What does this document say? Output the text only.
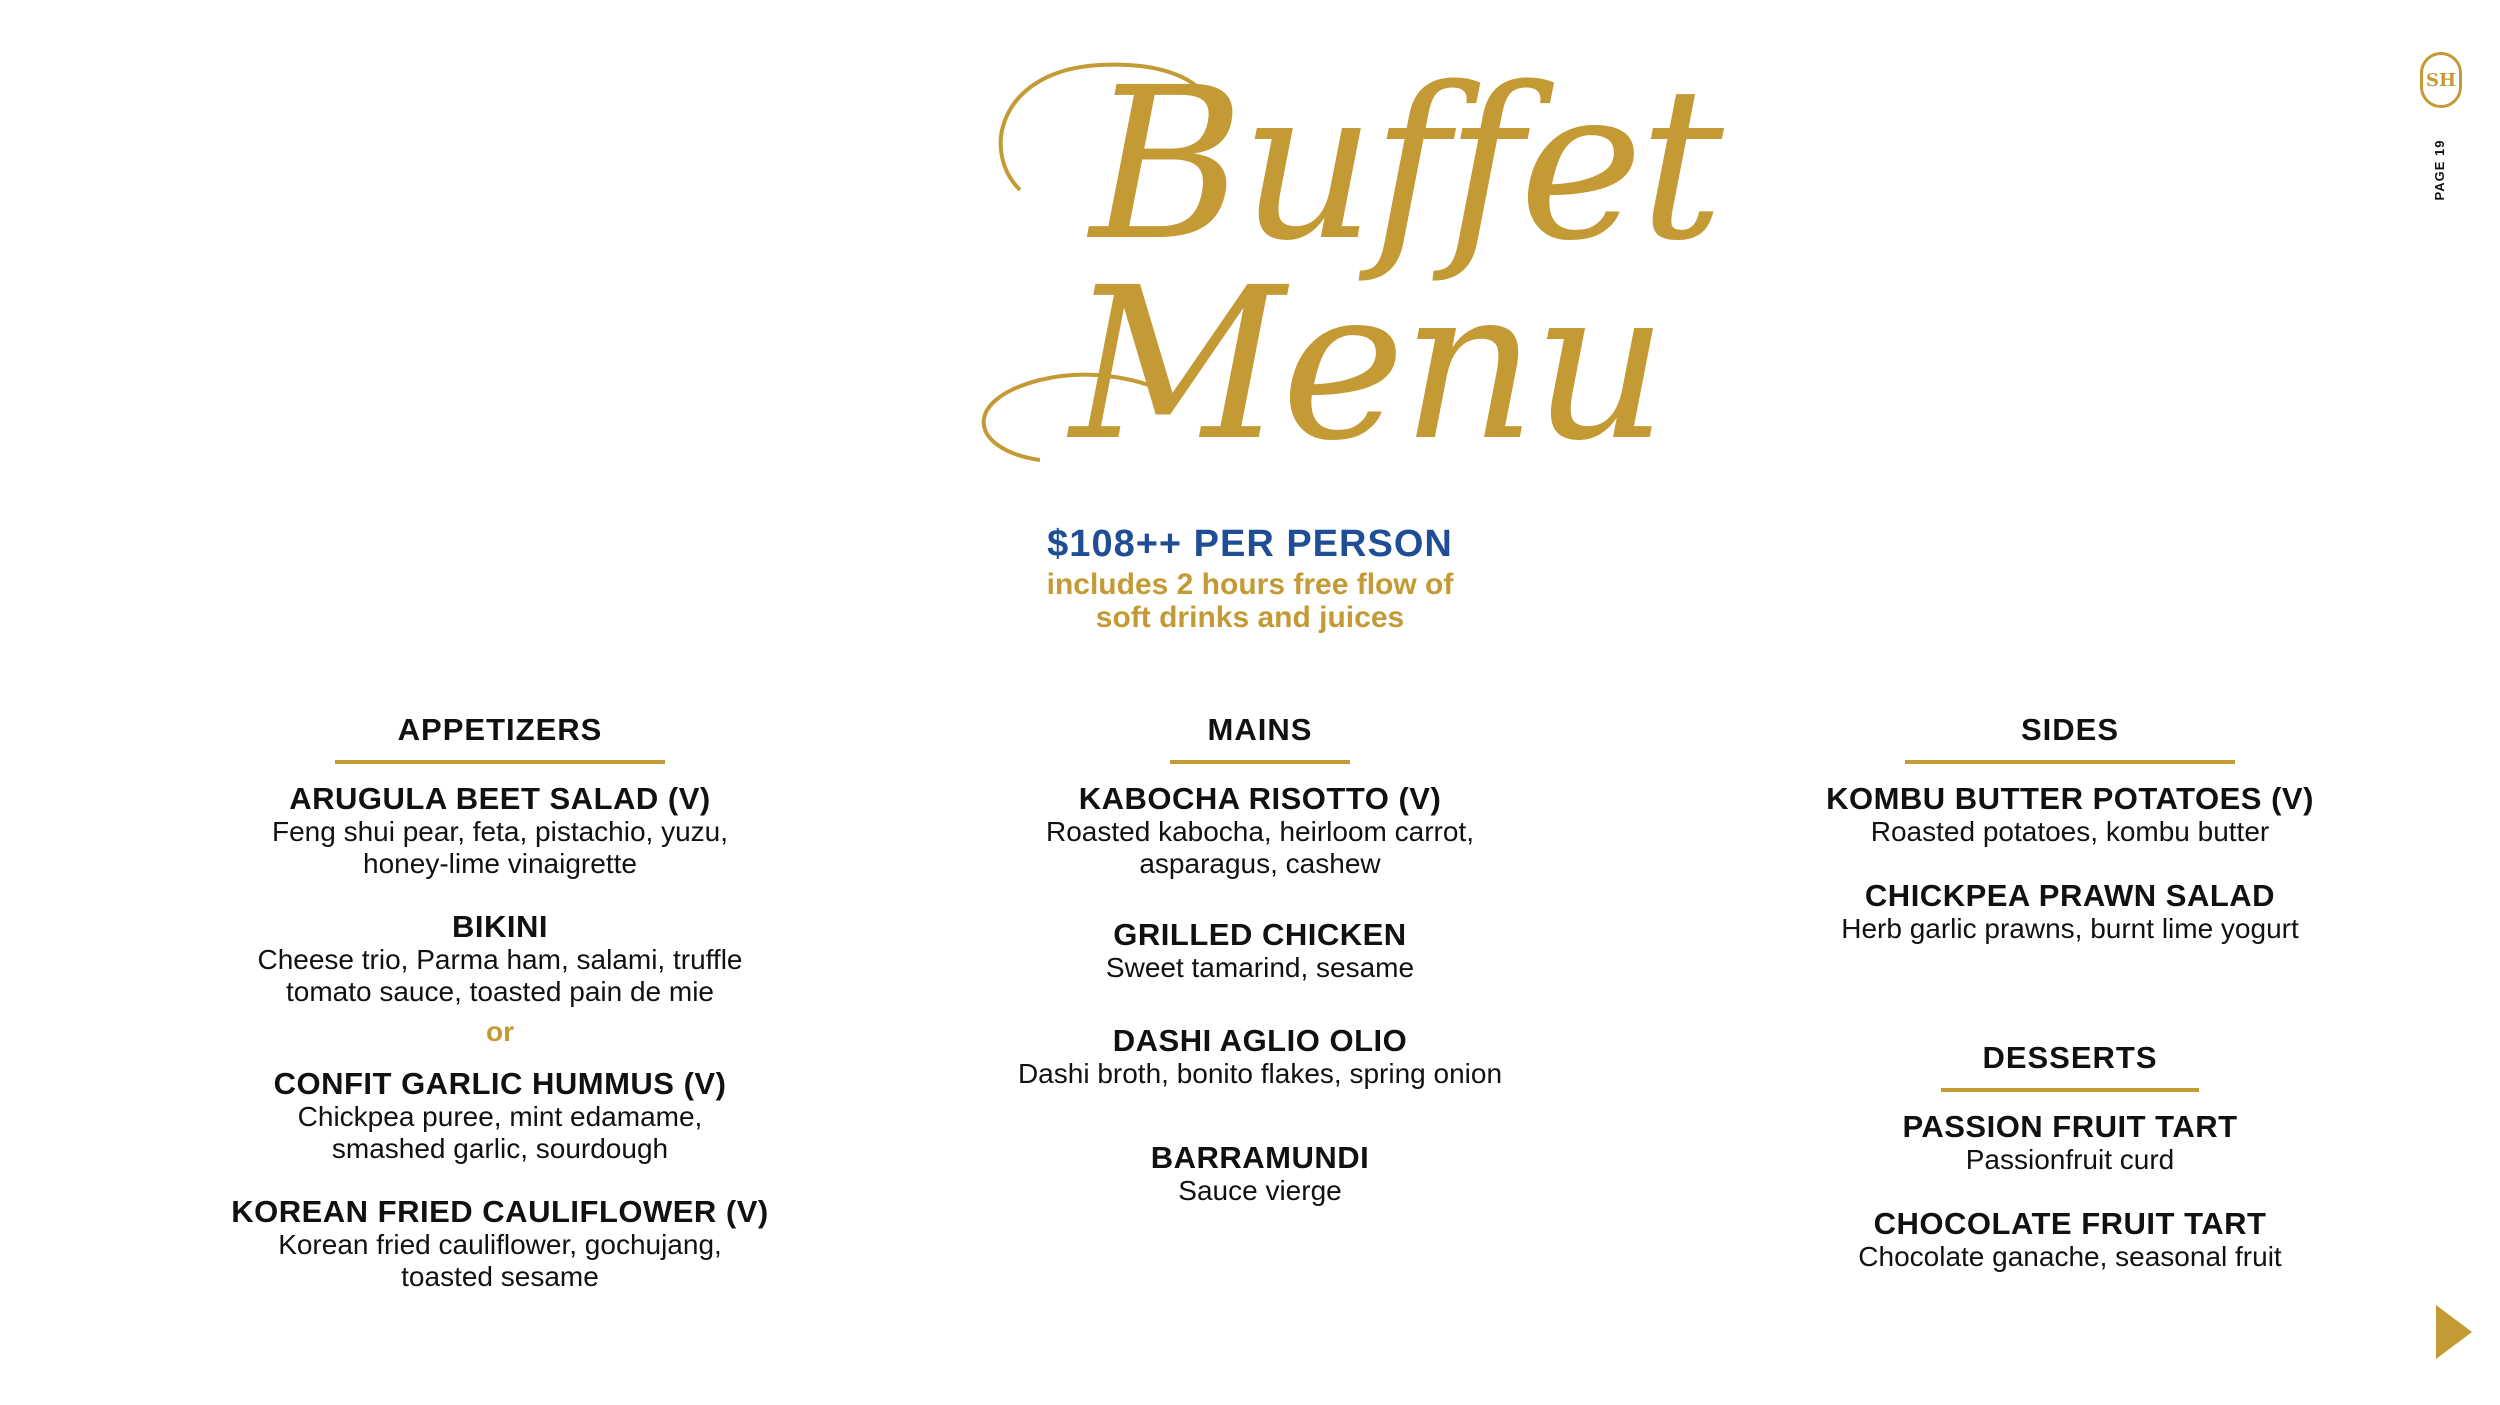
Buffet
Menu
$108++ PER PERSON
includes 2 hours free flow of
soft drinks and juices
SH
PAGE 19
APPETIZERS
ARUGULA BEET SALAD (V)
Feng shui pear, feta, pistachio, yuzu,
honey-lime vinaigrette
BIKINI
Cheese trio, Parma ham, salami, truffle
tomato sauce, toasted pain de mie
or
CONFIT GARLIC HUMMUS (V)
Chickpea puree, mint edamame,
smashed garlic, sourdough
KOREAN FRIED CAULIFLOWER (V)
Korean fried cauliflower, gochujang,
toasted sesame
MAINS
KABOCHA RISOTTO (V)
Roasted kabocha, heirloom carrot,
asparagus, cashew
GRILLED CHICKEN
Sweet tamarind, sesame
DASHI AGLIO OLIO
Dashi broth, bonito flakes, spring onion
BARRAMUNDI
Sauce vierge
SIDES
KOMBU BUTTER POTATOES (V)
Roasted potatoes, kombu butter
CHICKPEA PRAWN SALAD
Herb garlic prawns, burnt lime yogurt
DESSERTS
PASSION FRUIT TART
Passionfruit curd
CHOCOLATE FRUIT TART
Chocolate ganache, seasonal fruit
